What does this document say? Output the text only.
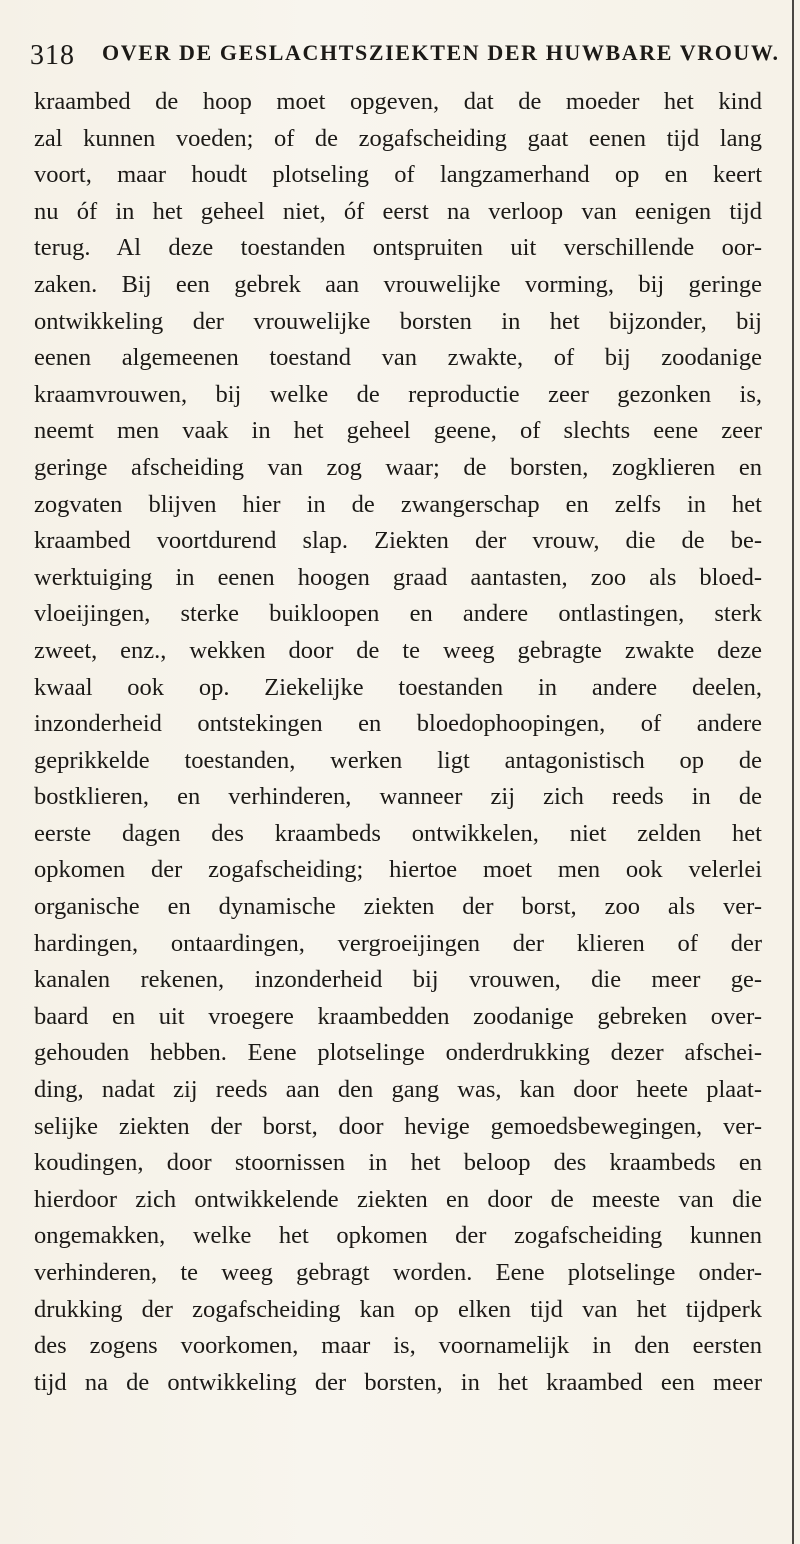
318 OVER DE GESLACHTSZIEKTEN DER HUWBARE VROUW.
kraambed de hoop moet opgeven, dat de moeder het kind
zal kunnen voeden; of de zogafscheiding gaat eenen tijd lang
voort, maar houdt plotseling of langzamerhand op en keert
nu óf in het geheel niet, óf eerst na verloop van eenigen tijd
terug. Al deze toestanden ontspruiten uit verschillende oor-
zaken. Bij een gebrek aan vrouwelijke vorming, bij geringe
ontwikkeling der vrouwelijke borsten in het bijzonder, bij
eenen algemeenen toestand van zwakte, of bij zoodanige
kraamvrouwen, bij welke de reproductie zeer gezonken is,
neemt men vaak in het geheel geene, of slechts eene zeer
geringe afscheiding van zog waar; de borsten, zogklieren en
zogvaten blijven hier in de zwangerschap en zelfs in het
kraambed voortdurend slap. Ziekten der vrouw, die de be-
werktuiging in eenen hoogen graad aantasten, zoo als bloed-
vloeijingen, sterke buikloopen en andere ontlastingen, sterk
zweet, enz., wekken door de te weeg gebragte zwakte deze
kwaal ook op. Ziekelijke toestanden in andere deelen,
inzonderheid ontstekingen en bloedophoopingen, of andere
geprikkelde toestanden, werken ligt antagonistisch op de
bostklieren, en verhinderen, wanneer zij zich reeds in de
eerste dagen des kraambeds ontwikkelen, niet zelden het
opkomen der zogafscheiding; hiertoe moet men ook velerlei
organische en dynamische ziekten der borst, zoo als ver-
hardingen, ontaardingen, vergroeijingen der klieren of der
kanalen rekenen, inzonderheid bij vrouwen, die meer ge-
baard en uit vroegere kraambedden zoodanige gebreken over-
gehouden hebben. Eene plotselinge onderdrukking dezer afschei-
ding, nadat zij reeds aan den gang was, kan door heete plaat-
selijke ziekten der borst, door hevige gemoedsbewegingen, ver-
koudingen, door stoornissen in het beloop des kraambeds en
hierdoor zich ontwikkelende ziekten en door de meeste van die
ongemakken, welke het opkomen der zogafscheiding kunnen
verhinderen, te weeg gebragt worden. Eene plotselinge onder-
drukking der zogafscheiding kan op elken tijd van het tijdperk
des zogens voorkomen, maar is, voornamelijk in den eersten
tijd na de ontwikkeling der borsten, in het kraambed een meer
